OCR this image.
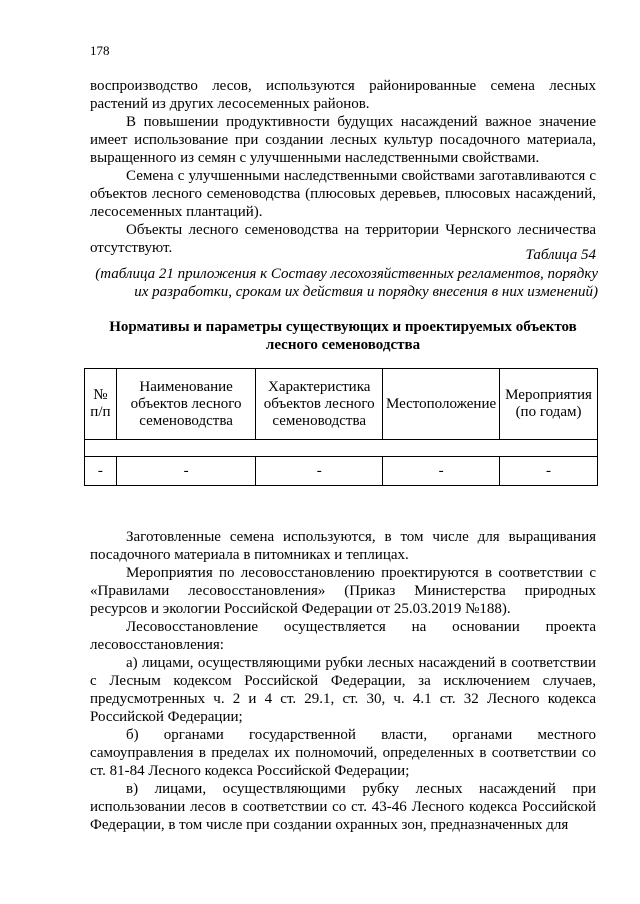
178

воспроизводство лесов, используются районированные семена лесных растений из других лесосеменных районов.

В повышении продуктивности будущих насаждений важное значение имеет использование при создании лесных культур посадочного материала, выращенного из семян с улучшенными наследственными свойствами.

Семена с улучшенными наследственными свойствами заготавливаются с объектов лесного семеноводства (плюсовых деревьев, плюсовых насаждений, лесосеменных плантаций).

Объекты лесного семеноводства на территории Чернского лесничества отсутствуют.	Таблица 54
(таблица 21 приложения к Составу лесохозяйственных регламентов, порядку их разработки, срокам их действия и порядку внесения в них изменений)
Нормативы и параметры существующих и проектируемых объектов лесного семеноводства
№ п/п	Наименование объектов лесного семеноводства	Характеристика объектов лесного семеноводства	Местоположение	Мероприятия (по годам)

-	-	-	-	-

Заготовленные семена используются, в том числе для выращивания посадочного материала в питомниках и теплицах.

Мероприятия по лесовосстановлению проектируются в соответствии с «Правилами лесовосстановления» (Приказ Министерства природных ресурсов и экологии Российской Федерации от 25.03.2019 №188).

Лесовосстановление осуществляется на основании проекта лесовосстановления:

а) лицами, осуществляющими рубки лесных насаждений в соответствии с Лесным кодексом Российской Федерации, за исключением случаев, предусмотренных ч. 2 и 4 ст. 29.1, ст. 30, ч. 4.1 ст. 32 Лесного кодекса Российской Федерации;

б) органами государственной власти, органами местного самоуправления в пределах их полномочий, определенных в соответствии со ст. 81-84 Лесного кодекса Российской Федерации;

в) лицами, осуществляющими рубку лесных насаждений при использовании лесов в соответствии со ст. 43-46 Лесного кодекса Российской Федерации, в том числе при создании охранных зон, предназначенных для
